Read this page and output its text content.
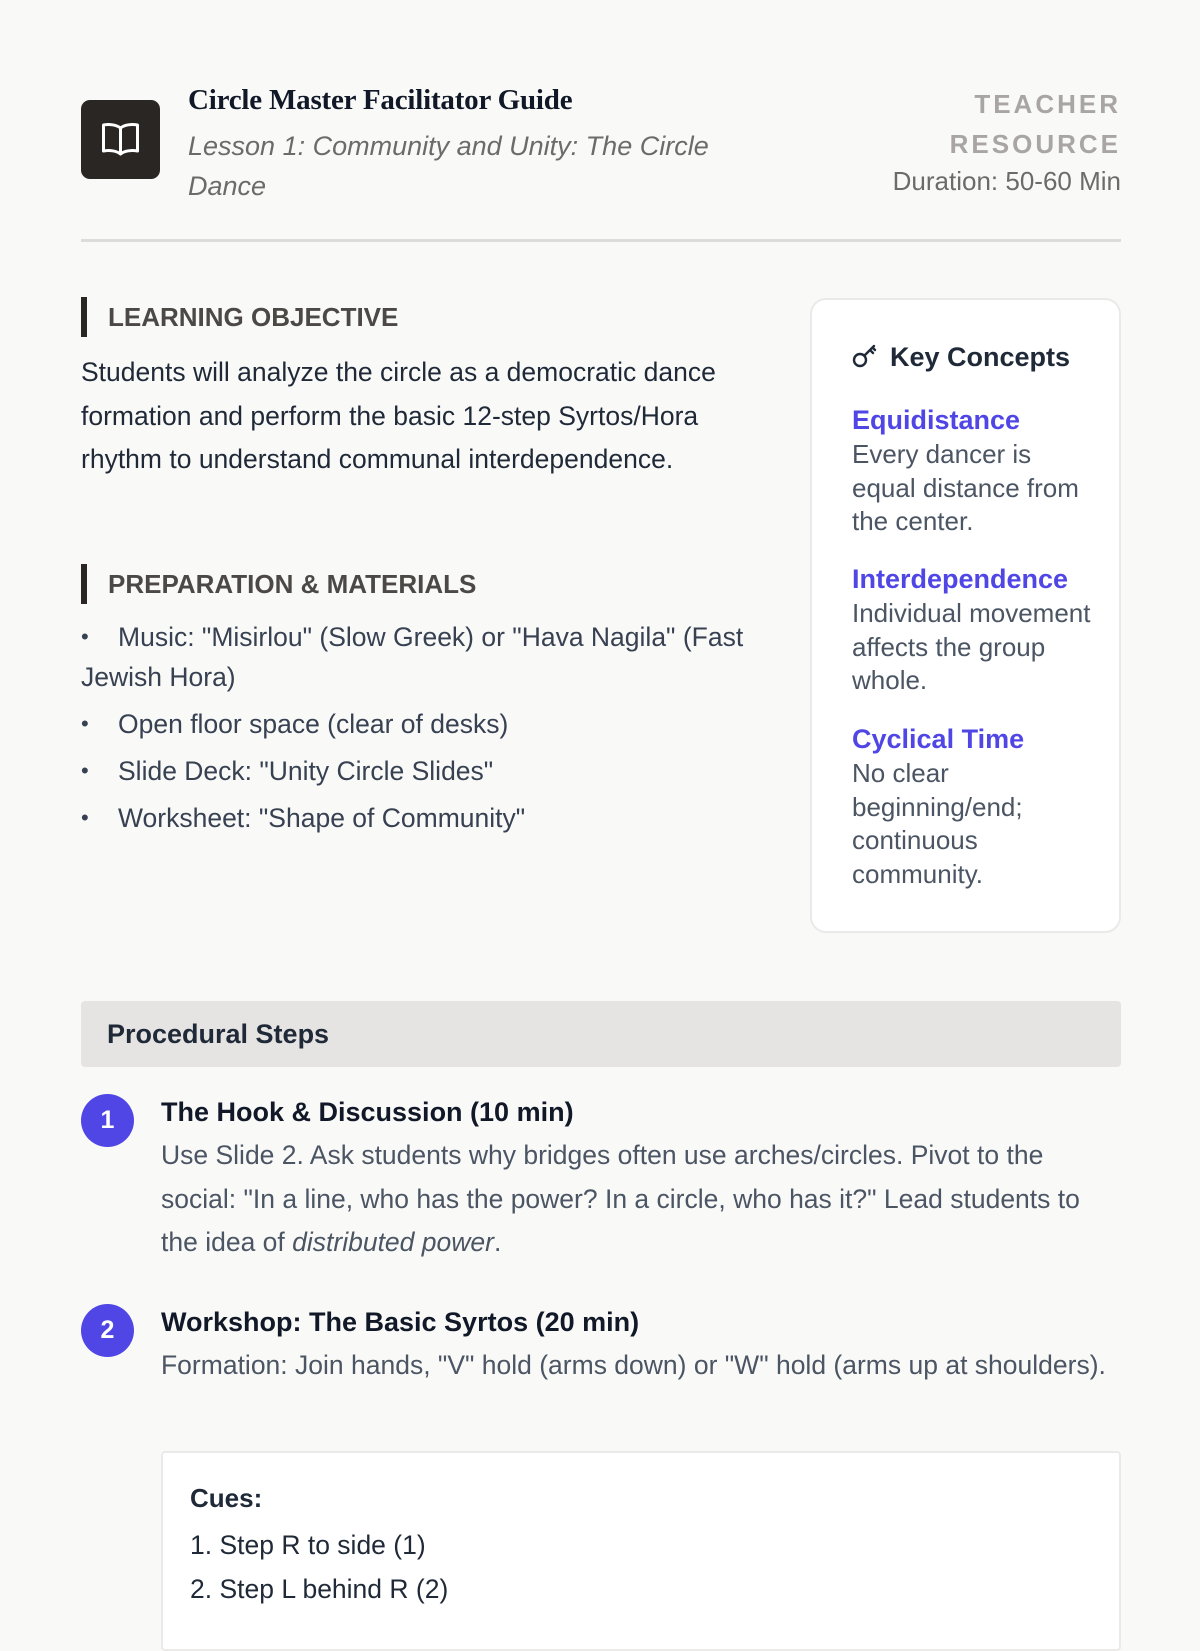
Circle Master Facilitator Guide
Lesson 1: Community and Unity: The Circle Dance
TEACHER
RESOURCE
Duration: 50-60 Min
LEARNING OBJECTIVE
Students will analyze the circle as a democratic dance formation and perform the basic 12-step Syrtos/Hora rhythm to understand communal interdependence.
PREPARATION & MATERIALS
• Music: "Misirlou" (Slow Greek) or "Hava Nagila" (Fast Jewish Hora)
• Open floor space (clear of desks)
• Slide Deck: "Unity Circle Slides"
• Worksheet: "Shape of Community"
Key Concepts
Equidistance
Every dancer is equal distance from the center.
Interdependence
Individual movement affects the group whole.
Cyclical Time
No clear beginning/end; continuous community.
Procedural Steps
1	The Hook & Discussion (10 min)
Use Slide 2. Ask students why bridges often use arches/circles. Pivot to the social: "In a line, who has the power? In a circle, who has it?" Lead students to the idea of distributed power.
2	Workshop: The Basic Syrtos (20 min)
Formation: Join hands, "V" hold (arms down) or "W" hold (arms up at shoulders).
Cues:
1. Step R to side (1)
2. Step L behind R (2)
